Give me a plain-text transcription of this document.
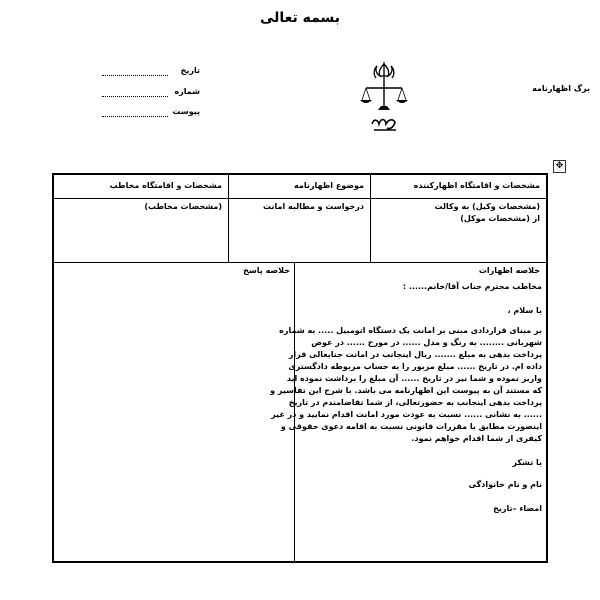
بسمه تعالی
برگ اظهارنامه
تاریخ
شماره
پیوست
✥
مشخصات و اقامتگاه اظهارکننده
موضوع اظهارنامه
مشخصات و اقامتگاه مخاطب
(مشخصات وکیل) به وکالت
از (مشخصات موکل)
درخواست و مطالبه امانت
(مشخصات مخاطب)
خلاصه اظهارات
خلاصه پاسخ
مخاطب محترم جناب آقا/خانم...... :
با سلام ،
بر مبنای قراردادی مبنی بر امانت یک دستگاه اتومبیل ..... به شماره
شهربانی ........ به رنگ و مدل ...... در مورخ ...... در عوض
پرداخت بدهی به مبلغ ....... ریال اینجانب در امانت جنابعالی قرار
داده ام. در تاریخ ...... مبلغ مزبور را به حساب مربوطه دادگستری
واریز نموده و شما نیز در تاریخ ...... آن مبلغ را برداشت نموده اید
که مستند آن به پیوست این اظهارنامه می باشد. با شرح این تفاسیر و
پرداخت بدهی اینجانب به حضورتعالی، از شما تقاضامندم در تاریخ
...... به نشانی ...... نسبت به عودت مورد امانت اقدام نمایید و در غیر
اینصورت مطابق با مقررات قانونی نسبت به اقامه دعوی حقوقی و
کیفری از شما اقدام خواهم نمود.
با تشکر
نام و نام خانوادگی
امضاء –تاریخ
